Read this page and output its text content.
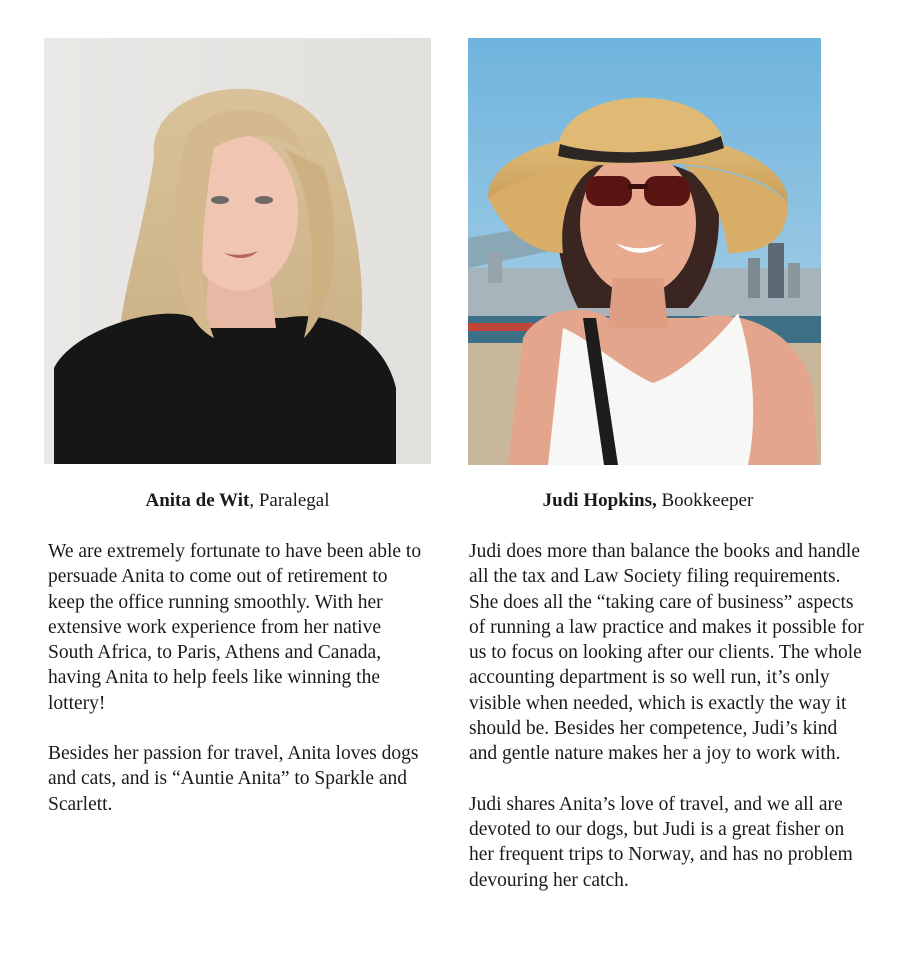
Anita de Wit, Paralegal	Judi Hopkins, Bookkeeper

We are extremely fortunate to have been able to persuade Anita to come out of retirement to keep the office running smoothly. With her extensive work experience from her native South Africa, to Paris, Athens and Canada, having Anita to help feels like winning the lottery!

Besides her passion for travel, Anita loves dogs and cats, and is “Auntie Anita” to Sparkle and Scarlett.

Judi does more than balance the books and handle all the tax and Law Society filing requirements. She does all the “taking care of business” aspects of running a law practice and makes it possible for us to focus on looking after our clients. The whole accounting department is so well run, it’s only visible when needed, which is exactly the way it should be. Besides her competence, Judi’s kind and gentle nature makes her a joy to work with.

Judi shares Anita’s love of travel, and we all are devoted to our dogs, but Judi is a great fisher on her frequent trips to Norway, and has no problem devouring her catch.
